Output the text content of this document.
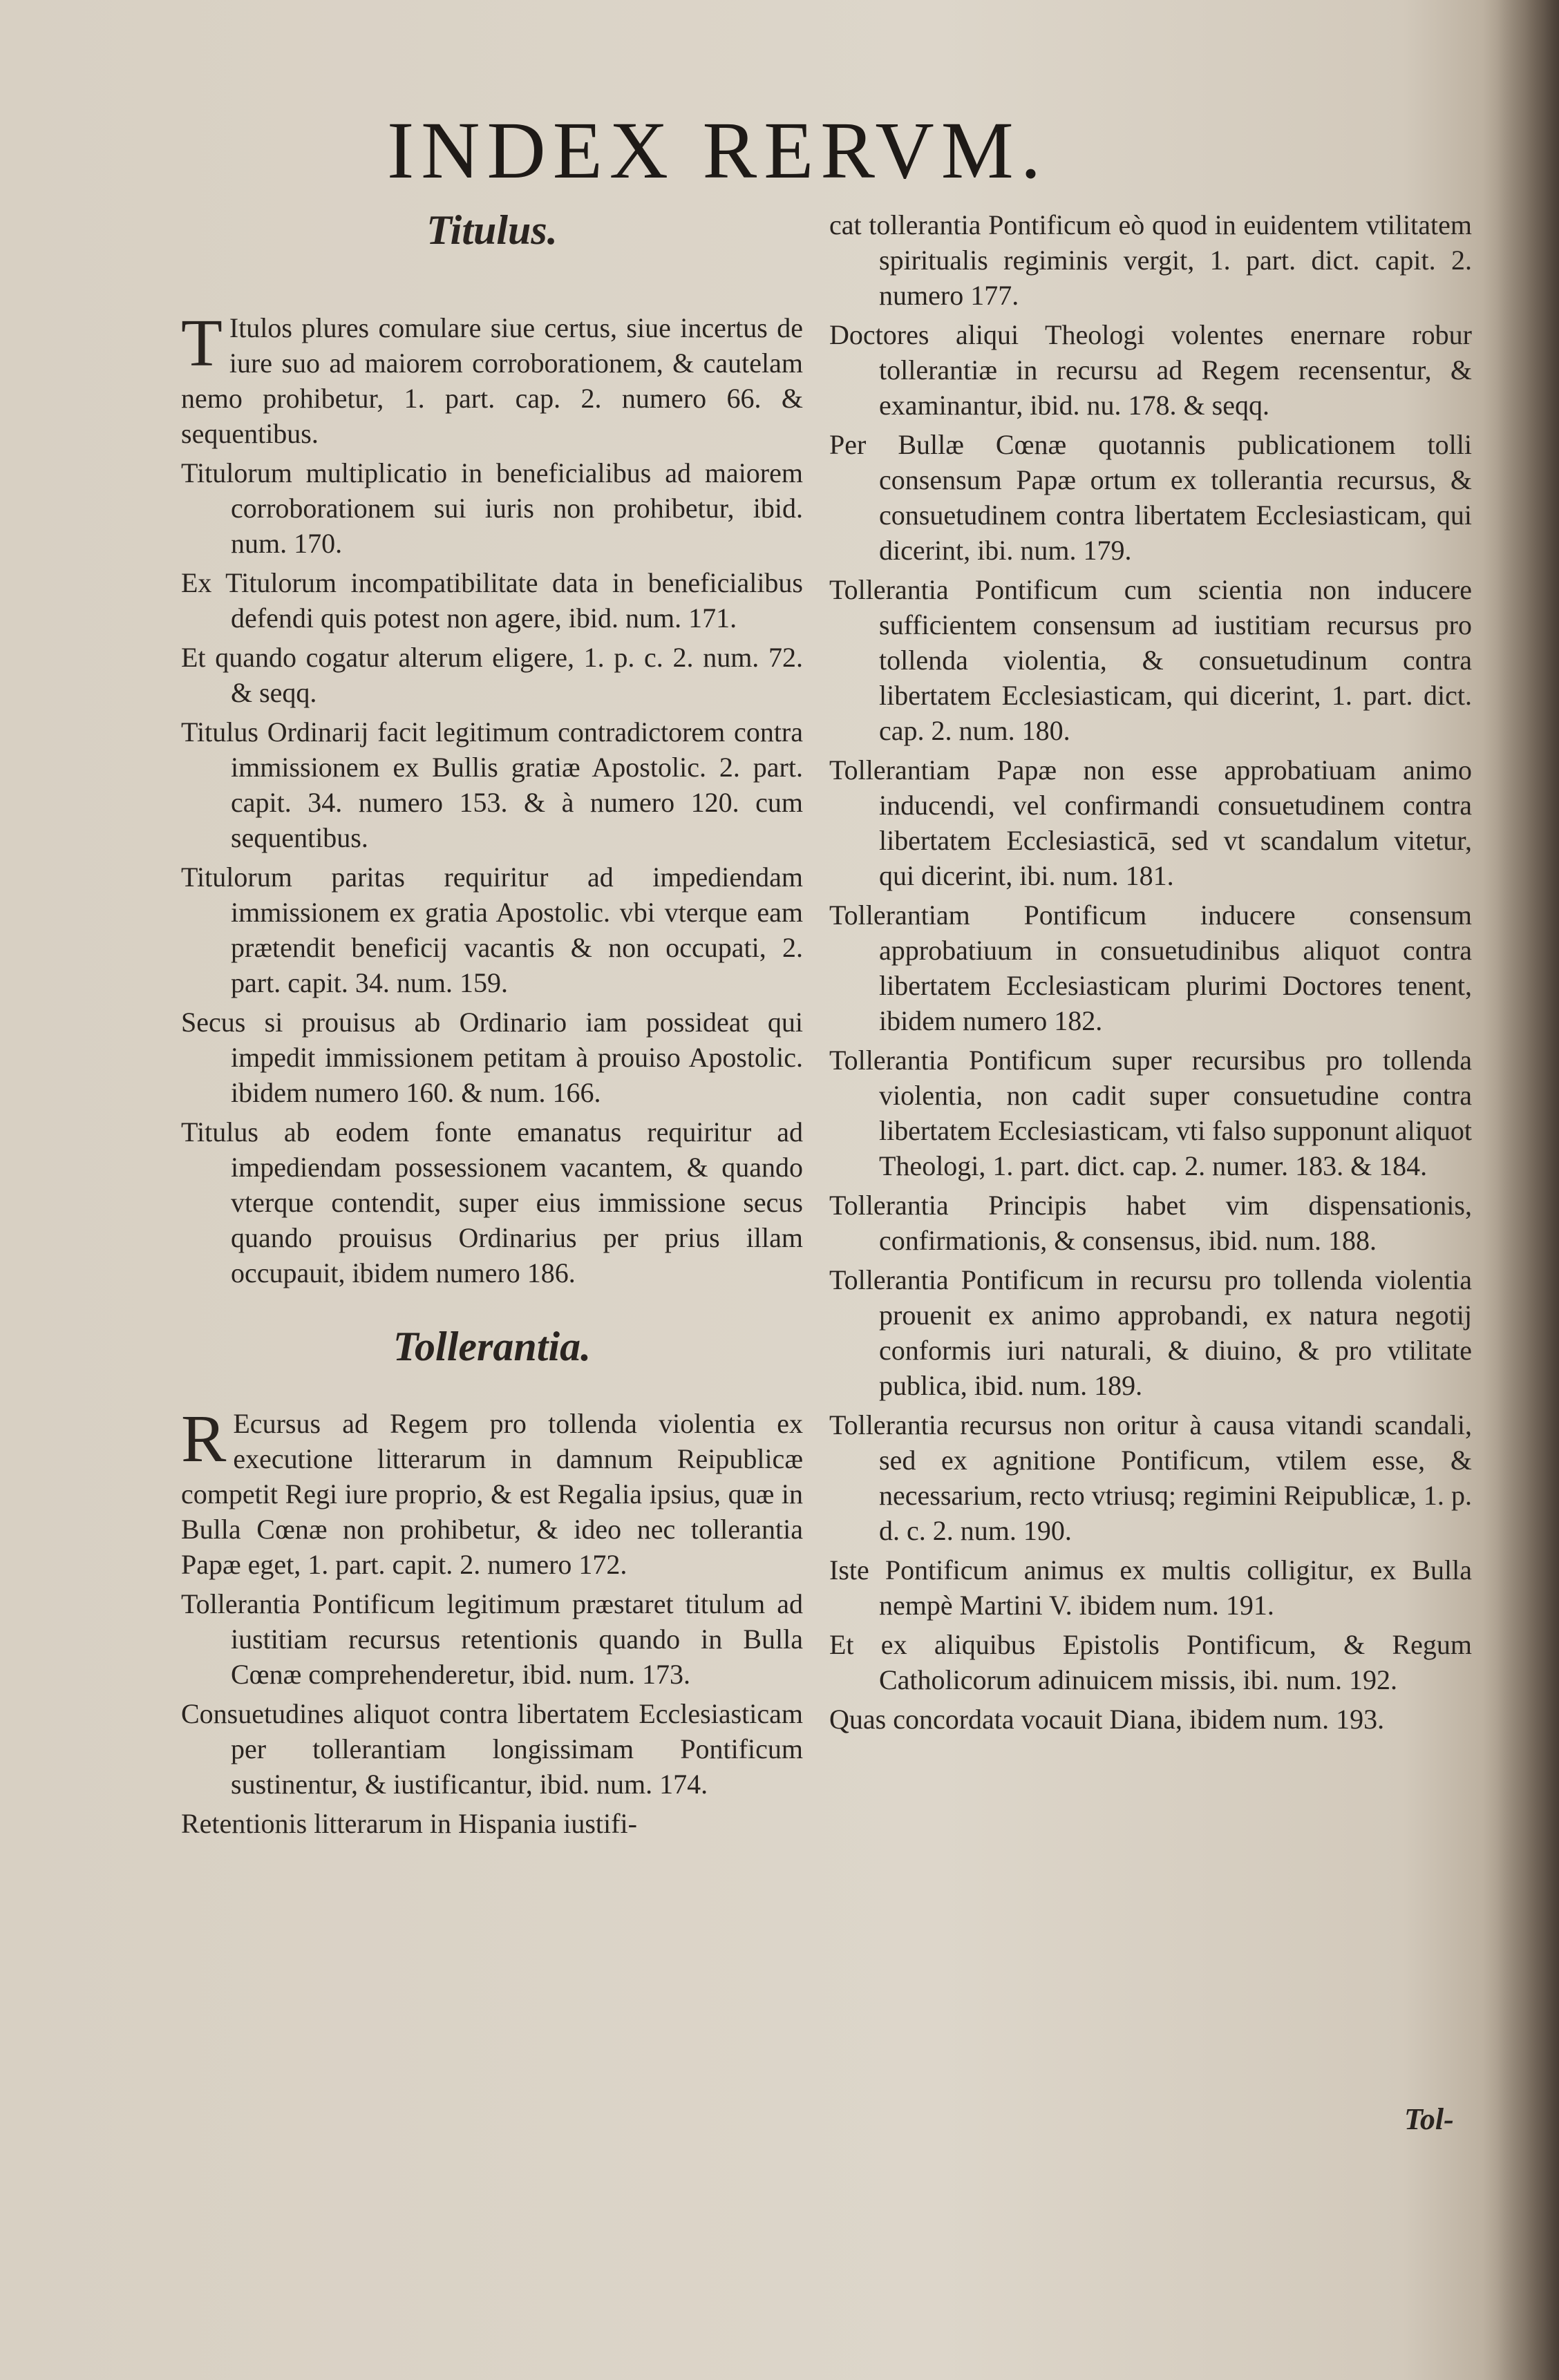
INDEX RERVM.
Titulus.

T Itulos plures comulare siue certus, siue incertus de iure suo ad maiorem corroborationem, & cautelam nemo prohibetur, 1. part. cap. 2. numero 66. & sequentibus.

Titulorum multiplicatio in beneficialibus ad maiorem corroborationem sui iuris non prohibetur, ibid. num. 170.

Ex Titulorum incompatibilitate data in beneficialibus defendi quis potest non agere, ibid. num. 171.

Et quando cogatur alterum eligere, 1. p. c. 2. num. 72. & seqq.

Titulus Ordinarij facit legitimum contradictorem contra immissionem ex Bullis gratiæ Apostolic. 2. part. capit. 34. numero 153. & à numero 120. cum sequentibus.

Titulorum paritas requiritur ad impediendam immissionem ex gratia Apostolic. vbi vterque eam prætendit beneficij vacantis & non occupati, 2. part. capit. 34. num. 159.

Secus si prouisus ab Ordinario iam possideat qui impedit immissionem petitam à prouiso Apostolic. ibidem numero 160. & num. 166.

Titulus ab eodem fonte emanatus requiritur ad impediendam possessionem vacantem, & quando vterque contendit, super eius immissione secus quando prouisus Ordinarius per prius illam occupauit, ibidem numero 186.

Tollerantia.

R Ecursus ad Regem pro tollenda violentia ex executione litterarum in damnum Reipublicæ competit Regi iure proprio, & est Regalia ipsius, quæ in Bulla Cœnæ non prohibetur, & ideo nec tollerantia Papæ eget, 1. part. capit. 2. numero 172.

Tollerantia Pontificum legitimum præstaret titulum ad iustitiam recursus retentionis quando in Bulla Cœnæ comprehenderetur, ibid. num. 173.

Consuetudines aliquot contra libertatem Ecclesiasticam per tollerantiam longissimam Pontificum sustinentur, & iustificantur, ibid. num. 174.

Retentionis litterarum in Hispania iustifi-

cat tollerantia Pontificum eò quod in euidentem vtilitatem spiritualis regiminis vergit, 1. part. dict. capit. 2. numero 177.

Doctores aliqui Theologi volentes enernare robur tollerantiæ in recursu ad Regem recensentur, & examinantur, ibid. nu. 178. & seqq.

Per Bullæ Cœnæ quotannis publicationem tolli consensum Papæ ortum ex tollerantia recursus, & consuetudinem contra libertatem Ecclesiasticam, qui dicerint, ibi. num. 179.

Tollerantia Pontificum cum scientia non inducere sufficientem consensum ad iustitiam recursus pro tollenda violentia, & consuetudinum contra libertatem Ecclesiasticam, qui dicerint, 1. part. dict. cap. 2. num. 180.

Tollerantiam Papæ non esse approbatiuam animo inducendi, vel confirmandi consuetudinem contra libertatem Ecclesiasticā, sed vt scandalum vitetur, qui dicerint, ibi. num. 181.

Tollerantiam Pontificum inducere consensum approbatiuum in consuetudinibus aliquot contra libertatem Ecclesiasticam plurimi Doctores tenent, ibidem numero 182.

Tollerantia Pontificum super recursibus pro tollenda violentia, non cadit super consuetudine contra libertatem Ecclesiasticam, vti falso supponunt aliquot Theologi, 1. part. dict. cap. 2. numer. 183. & 184.

Tollerantia Principis habet vim dispensationis, confirmationis, & consensus, ibid. num. 188.

Tollerantia Pontificum in recursu pro tollenda violentia prouenit ex animo approbandi, ex natura negotij conformis iuri naturali, & diuino, & pro vtilitate publica, ibid. num. 189.

Tollerantia recursus non oritur à causa vitandi scandali, sed ex agnitione Pontificum, vtilem esse, & necessarium, recto vtriusq; regimini Reipublicæ, 1. p. d. c. 2. num. 190.

Iste Pontificum animus ex multis colligitur, ex Bulla nempè Martini V. ibidem num. 191.

Et ex aliquibus Epistolis Pontificum, & Regum Catholicorum adinuicem missis, ibi. num. 192.

Quas concordata vocauit Diana, ibidem num. 193.

Tol-
